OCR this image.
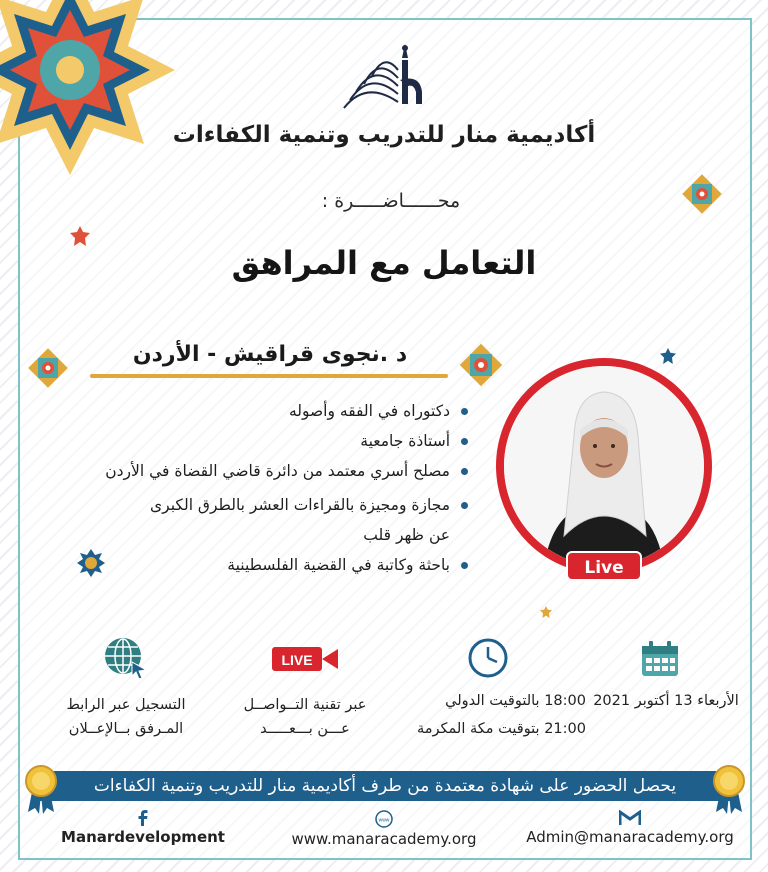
أكاديمية منار للتدريب وتنمية الكفاءات
محــــــاضـــــرة :
التعامل مع المراهق
د .نجوى قراقيش - الأردن
دكتوراه في الفقه وأصوله
أستاذة جامعية
مصلح أسري معتمد من دائرة قاضي القضاة في الأردن
مجازة ومجيزة بالقراءات العشر بالطرق الكبرى
عن ظهر قلب
باحثة وكاتبة في القضية الفلسطينية	Live
LIVE
الأربعاء 13 أكتوبر 2021
18:00 بالتوقيت الدولي
21:00 بتوقيت مكة المكرمة
عبر تقنية التــواصــل
عـــن بـــعـــــد
التسجيل عبر الرابط
المـرفق بــالإعــلان
يحصل الحضور على شهادة معتمدة من طرف أكاديمية منار للتدريب وتنمية الكفاءات
Manardevelopment
www
www.manaracademy.org	Admin@manaracademy.org
